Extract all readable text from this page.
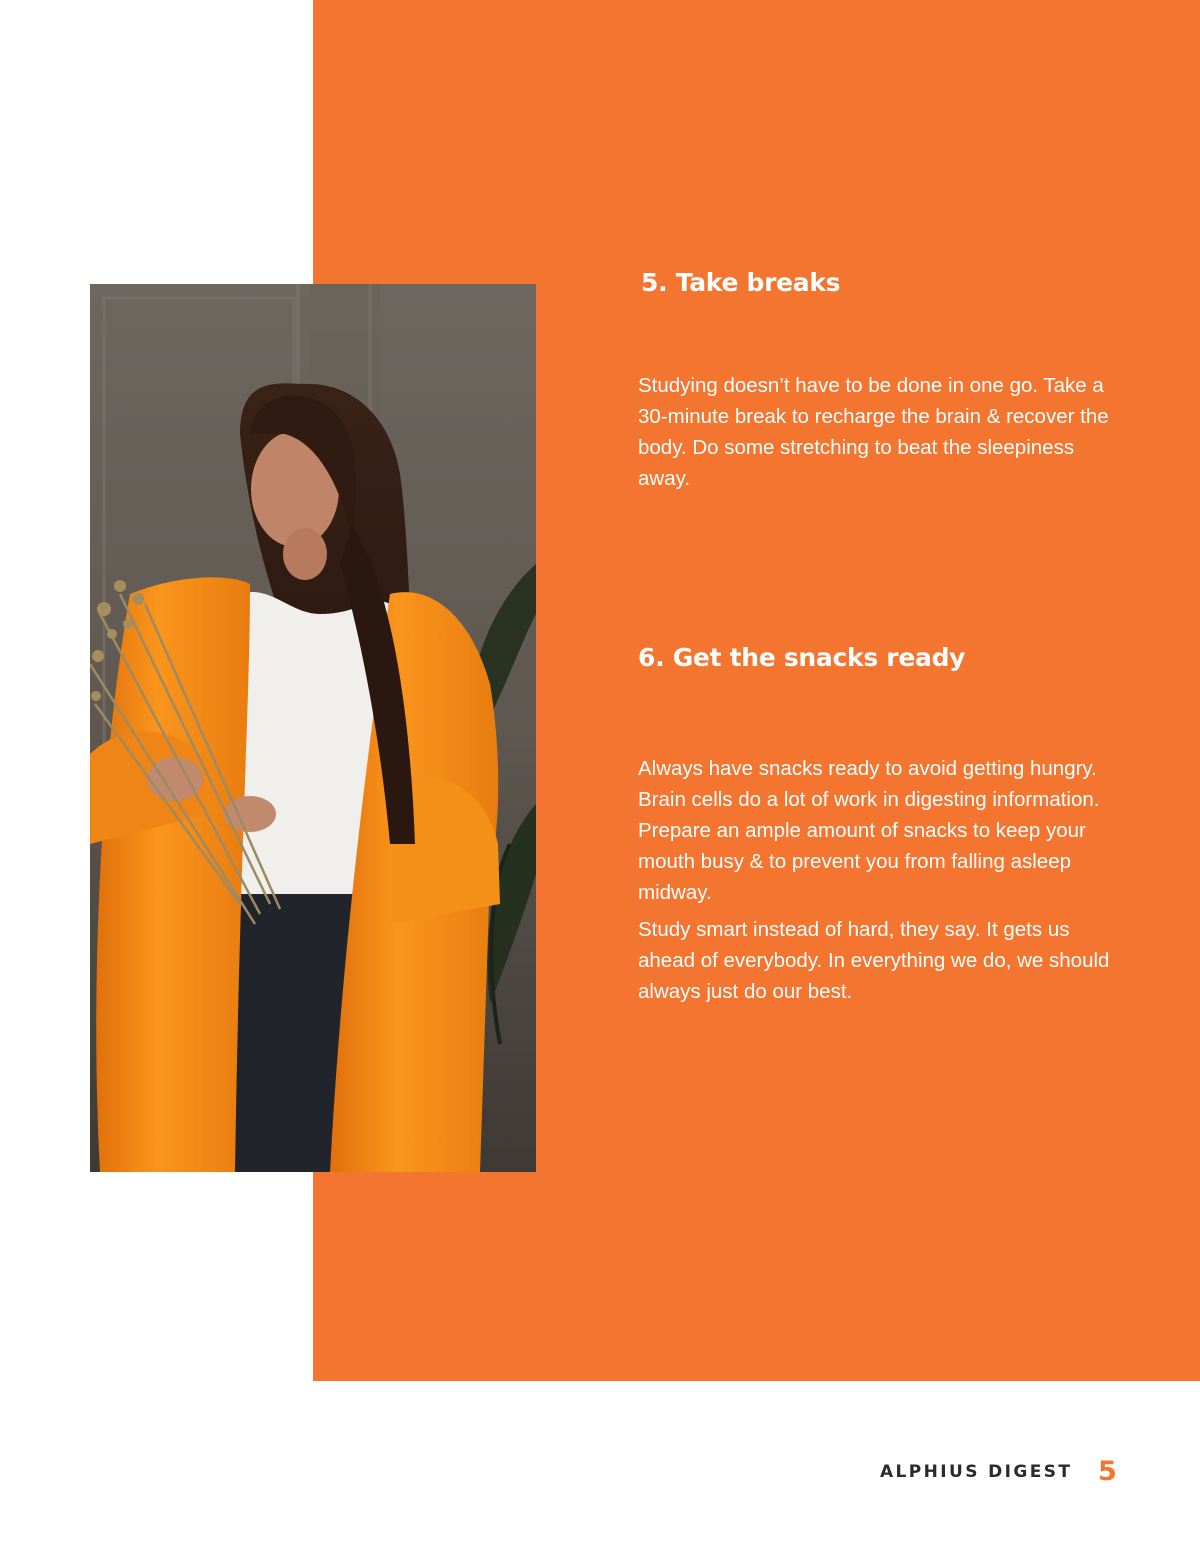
5. Take breaks

Studying doesn’t have to be done in one go. Take a 30-minute break to recharge the brain & recover the body. Do some stretching to beat the sleepiness away.

6. Get the snacks ready

Always have snacks ready to avoid getting hungry. Brain cells do a lot of work in digesting information. Prepare an ample amount of snacks to keep your mouth busy & to prevent you from falling asleep midway.

Study smart instead of hard, they say. It gets us ahead of everybody. In everything we do, we should always just do our best.

ALPHIUS DIGEST 5
